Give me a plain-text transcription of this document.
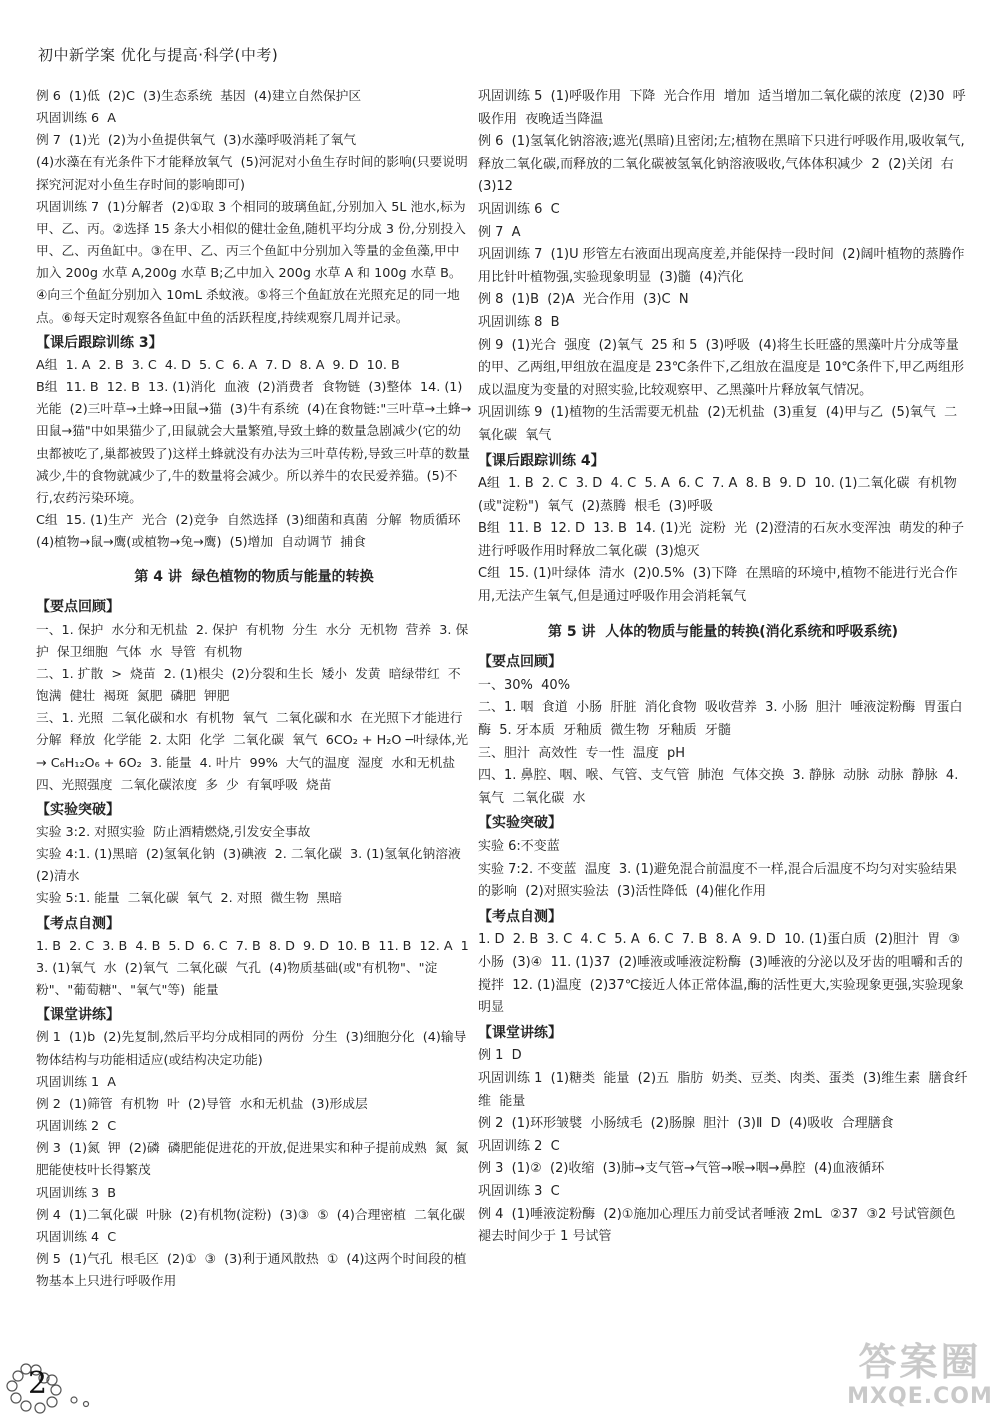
初中新学案 优化与提高·科学(中考)

例 6  (1)低  (2)C  (3)生态系统  基因  (4)建立自然保护区

巩固训练 6  A

例 7  (1)光  (2)为小鱼提供氧气  (3)水藻呼吸消耗了氧气

(4)水藻在有光条件下才能释放氧气  (5)河泥对小鱼生存时间的影响(只要说明探究河泥对小鱼生存时间的影响即可)

巩固训练 7  (1)分解者  (2)①取 3 个相同的玻璃鱼缸,分别加入 5L 池水,标为甲、乙、丙。②选择 15 条大小相似的健壮金鱼,随机平均分成 3 份,分别投入甲、乙、丙鱼缸中。③在甲、乙、丙三个鱼缸中分别加入等量的金鱼藻,甲中加入 200g 水草 A,200g 水草 B;乙中加入 200g 水草 A 和 100g 水草 B。④向三个鱼缸分别加入 10mL 杀蚊液。⑤将三个鱼缸放在光照充足的同一地点。⑥每天定时观察各鱼缸中鱼的活跃程度,持续观察几周并记录。

【课后跟踪训练 3】

A组  1. A  2. B  3. C  4. D  5. C  6. A  7. D  8. A  9. D  10. B

B组  11. B  12. B  13. (1)消化  血液  (2)消费者  食物链  (3)整体  14. (1)光能  (2)三叶草→土蜂→田鼠→猫  (3)牛有系统  (4)在食物链:"三叶草→土蜂→田鼠→猫"中如果猫少了,田鼠就会大量繁殖,导致土蜂的数量急剧减少(它的幼虫都被吃了,巢都被毁了)这样土蜂就没有办法为三叶草传粉,导致三叶草的数量减少,牛的食物就减少了,牛的数量将会减少。所以养牛的农民爱养猫。(5)不行,农药污染环境。

C组  15. (1)生产  光合  (2)竞争  自然选择  (3)细菌和真菌  分解  物质循环  (4)植物→鼠→鹰(或植物→兔→鹰)  (5)增加  自动调节  捕食

第 4 讲  绿色植物的物质与能量的转换

【要点回顾】

一、1. 保护  水分和无机盐  2. 保护  有机物  分生  水分  无机物  营养  3. 保护  保卫细胞  气体  水  导管  有机物

二、1. 扩散  >  烧苗  2. (1)根尖  (2)分裂和生长  矮小  发黄  暗绿带红  不饱满  健壮  褐斑  氮肥  磷肥  钾肥

三、1. 光照  二氧化碳和水  有机物  氧气  二氧化碳和水  在光照下才能进行  分解  释放  化学能  2. 太阳  化学  二氧化碳  氧气  6CO₂ + H₂O ─叶绿体,光→ C₆H₁₂O₆ + 6O₂  3. 能量  4. 叶片  99%  大气的温度  湿度  水和无机盐

四、光照强度  二氧化碳浓度  多  少  有氧呼吸  烧苗

【实验突破】

实验 3:2. 对照实验  防止酒精燃烧,引发安全事故

实验 4:1. (1)黑暗  (2)氢氧化钠  (3)碘液  2. 二氧化碳  3. (1)氢氧化钠溶液  (2)清水

实验 5:1. 能量  二氧化碳  氧气  2. 对照  微生物  黑暗

【考点自测】

1. B  2. C  3. B  4. B  5. D  6. C  7. B  8. D  9. D  10. B  11. B  12. A  13. (1)氧气  水  (2)氧气  二氧化碳  气孔  (4)物质基础(或"有机物"、"淀粉"、"葡萄糖"、"氧气"等)  能量

【课堂讲练】

例 1  (1)b  (2)先复制,然后平均分成相同的两份  分生  (3)细胞分化  (4)输导  物体结构与功能相适应(或结构决定功能)

巩固训练 1  A

例 2  (1)筛管  有机物  叶  (2)导管  水和无机盐  (3)形成层

巩固训练 2  C

例 3  (1)氮  钾  (2)磷  磷肥能促进花的开放,促进果实和种子提前成熟  氮  氮肥能使枝叶长得繁茂

巩固训练 3  B

例 4  (1)二氧化碳  叶脉  (2)有机物(淀粉)  (3)③  ⑤  (4)合理密植  二氧化碳

巩固训练 4  C

例 5  (1)气孔  根毛区  (2)①  ③  (3)利于通风散热  ①  (4)这两个时间段的植物基本上只进行呼吸作用

巩固训练 5  (1)呼吸作用  下降  光合作用  增加  适当增加二氧化碳的浓度  (2)30  呼吸作用  夜晚适当降温

例 6  (1)氢氧化钠溶液;遮光(黑暗)且密闭;左;植物在黑暗下只进行呼吸作用,吸收氧气,释放二氧化碳,而释放的二氧化碳被氢氧化钠溶液吸收,气体体积减少  2  (2)关闭  右  (3)12

巩固训练 6  C

例 7  A

巩固训练 7  (1)U 形管左右液面出现高度差,并能保持一段时间  (2)阔叶植物的蒸腾作用比针叶植物强,实验现象明显  (3)髓  (4)汽化

例 8  (1)B  (2)A  光合作用  (3)C  N

巩固训练 8  B

例 9  (1)光合  强度  (2)氧气  25 和 5  (3)呼吸  (4)将生长旺盛的黑藻叶片分成等量的甲、乙两组,甲组放在温度是 23℃条件下,乙组放在温度是 10℃条件下,甲乙两组形成以温度为变量的对照实验,比较观察甲、乙黑藻叶片释放氧气情况。

巩固训练 9  (1)植物的生活需要无机盐  (2)无机盐  (3)重复  (4)甲与乙  (5)氧气  二氧化碳  氧气

【课后跟踪训练 4】

A组  1. B  2. C  3. D  4. C  5. A  6. C  7. A  8. B  9. D  10. (1)二氧化碳  有机物(或"淀粉")  氧气  (2)蒸腾  根毛  (3)呼吸

B组  11. B  12. D  13. B  14. (1)光  淀粉  光  (2)澄清的石灰水变浑浊  萌发的种子进行呼吸作用时释放二氧化碳  (3)熄灭

C组  15. (1)叶绿体  清水  (2)0.5%  (3)下降  在黑暗的环境中,植物不能进行光合作用,无法产生氧气,但是通过呼吸作用会消耗氧气

第 5 讲  人体的物质与能量的转换(消化系统和呼吸系统)

【要点回顾】

一、30%  40%

二、1. 咽  食道  小肠  肝脏  消化食物  吸收营养  3. 小肠  胆汁  唾液淀粉酶  胃蛋白酶  5. 牙本质  牙釉质  微生物  牙釉质  牙髓

三、胆汁  高效性  专一性  温度  pH

四、1. 鼻腔、咽、喉、气管、支气管  肺泡  气体交换  3. 静脉  动脉  动脉  静脉  4. 氧气  二氧化碳  水

【实验突破】

实验 6:不变蓝

实验 7:2. 不变蓝  温度  3. (1)避免混合前温度不一样,混合后温度不均匀对实验结果的影响  (2)对照实验法  (3)活性降低  (4)催化作用

【考点自测】

1. D  2. B  3. C  4. C  5. A  6. C  7. B  8. A  9. D  10. (1)蛋白质  (2)胆汁  胃  ③  小肠  (3)④  11. (1)37  (2)唾液或唾液淀粉酶  (3)唾液的分泌以及牙齿的咀嚼和舌的搅拌  12. (1)温度  (2)37℃接近人体正常体温,酶的活性更大,实验现象更强,实验现象明显

【课堂讲练】

例 1  D

巩固训练 1  (1)糖类  能量  (2)五  脂肪  奶类、豆类、肉类、蛋类  (3)维生素  膳食纤维  能量

例 2  (1)环形皱襞  小肠绒毛  (2)肠腺  胆汁  (3)Ⅱ  D  (4)吸收  合理膳食

巩固训练 2  C

例 3  (1)②  (2)收缩  (3)肺→支气管→气管→喉→咽→鼻腔  (4)血液循环

巩固训练 3  C

例 4  (1)唾液淀粉酶  (2)①施加心理压力前受试者唾液 2mL  ②37  ③2 号试管颜色褪去时间少于 1 号试管

2	答案圈
MXQE.COM
